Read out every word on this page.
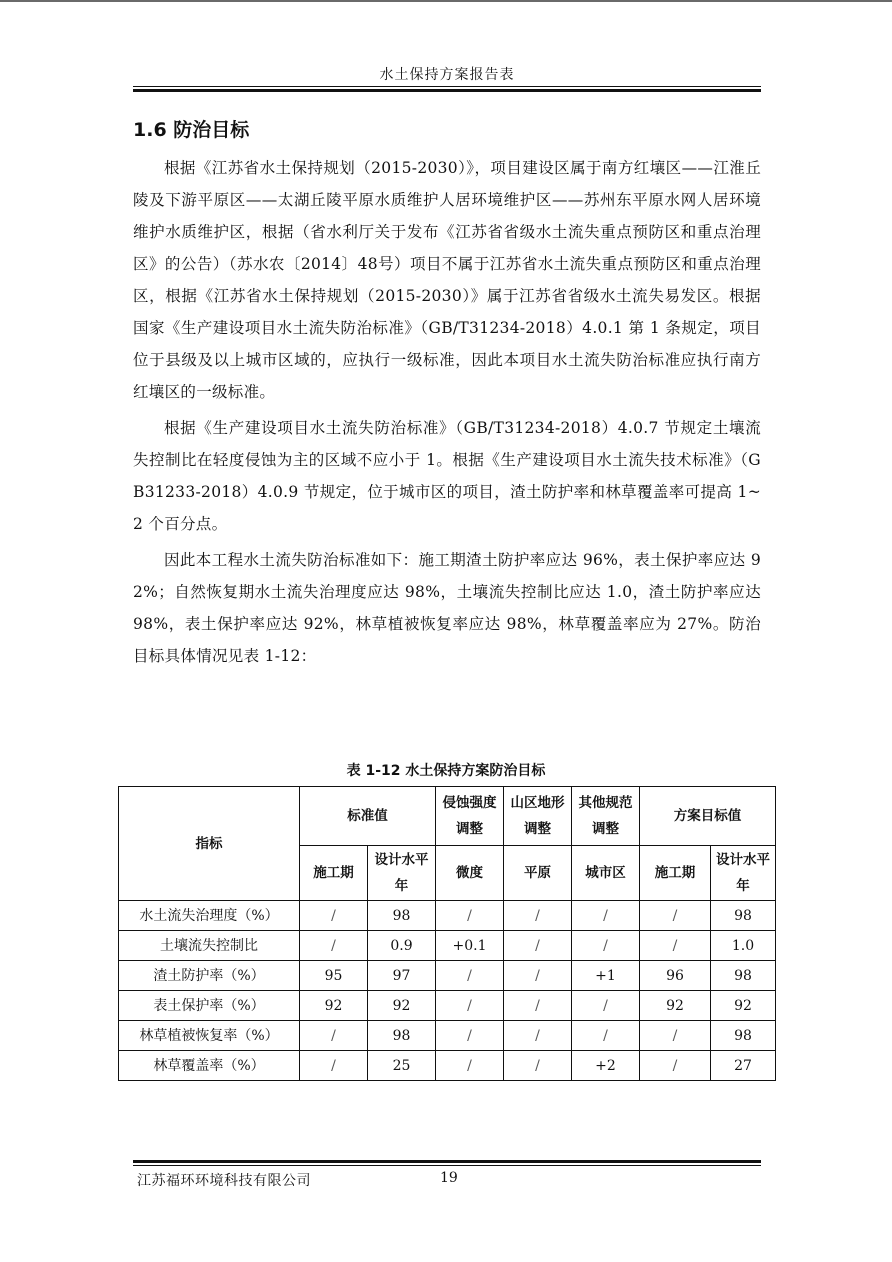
水土保持方案报告表
1.6 防治目标

根据《江苏省水土保持规划（2015-2030）》，项目建设区属于南方红壤区——江淮丘陵及下游平原区——太湖丘陵平原水质维护人居环境维护区——苏州东平原水网人居环境维护水质维护区，根据（省水利厅关于发布《江苏省省级水土流失重点预防区和重点治理区》的公告）（苏水农〔2014〕48号）项目不属于江苏省水土流失重点预防区和重点治理区，根据《江苏省水土保持规划（2015-2030）》属于江苏省省级水土流失易发区。根据国家《生产建设项目水土流失防治标准》（GB/T31234-2018）4.0.1 第 1 条规定，项目位于县级及以上城市区域的，应执行一级标准，因此本项目水土流失防治标准应执行南方红壤区的一级标准。

根据《生产建设项目水土流失防治标准》（GB/T31234-2018）4.0.7 节规定土壤流失控制比在轻度侵蚀为主的区域不应小于 1。根据《生产建设项目水土流失技术标准》（GB31233-2018）4.0.9 节规定，位于城市区的项目，渣土防护率和林草覆盖率可提高 1~2 个百分点。

因此本工程水土流失防治标准如下：施工期渣土防护率应达 96%，表土保护率应达 92%；自然恢复期水土流失治理度应达 98%，土壤流失控制比应达 1.0，渣土防护率应达 98%，表土保护率应达 92%，林草植被恢复率应达 98%，林草覆盖率应为 27%。防治目标具体情况见表 1-12：

表 1-12 水土保持方案防治目标
指标	标准值		侵蚀强度调整	山区地形调整	其他规范调整	方案目标值	
	施工期	设计水平年	微度	平原	城市区	施工期	设计水平年
水土流失治理度（%）	/	98	/	/	/	/	98
土壤流失控制比	/	0.9	+0.1	/	/	/	1.0
渣土防护率（%）	95	97	/	/	+1	96	98
表土保护率（%）	92	92	/	/	/	92	92
林草植被恢复率（%）	/	98	/	/	/	/	98
林草覆盖率（%）	/	25	/	/	+2	/	27
江苏福环环境科技有限公司	19
